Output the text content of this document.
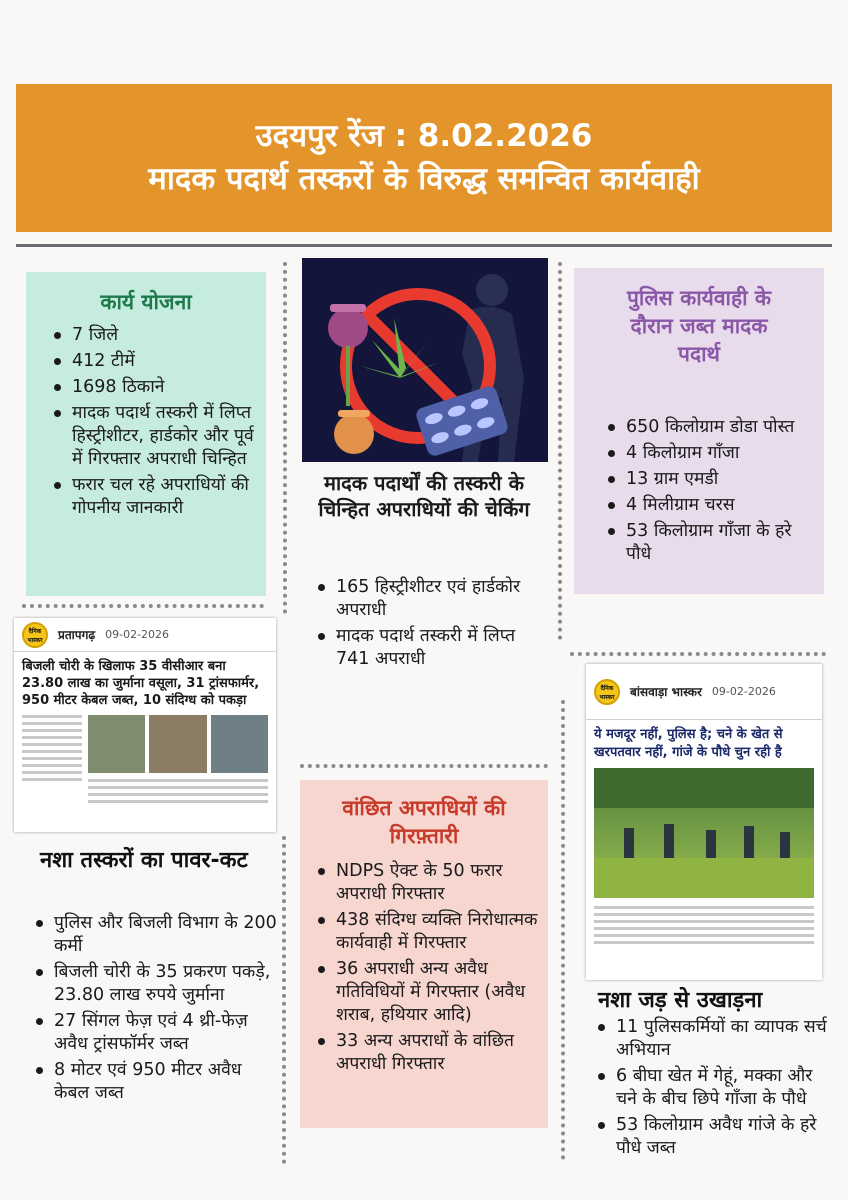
उदयपुर रेंज : 8.02.2026
मादक पदार्थ तस्करों के विरुद्ध समन्वित कार्यवाही
कार्य योजना
7 जिले
412 टीमें
1698 ठिकाने
मादक पदार्थ तस्करी में लिप्त हिस्ट्रीशीटर, हार्डकोर और पूर्व में गिरफ्तार अपराधी चिन्हित
फरार चल रहे अपराधियों की गोपनीय जानकारी
मादक पदार्थों की तस्करी के चिन्हित अपराधियों की चेकिंग
165 हिस्ट्रीशीटर एवं हार्डकोर अपराधी
मादक पदार्थ तस्करी में लिप्त 741 अपराधी
पुलिस कार्यवाही के दौरान जब्त मादक पदार्थ
650 किलोग्राम डोडा पोस्त
4 किलोग्राम गाँजा
13 ग्राम एमडी
4 मिलीग्राम चरस
53 किलोग्राम गाँजा के हरे पौधे
दैनिक भास्कर	प्रतापगढ़ 09-02-2026
बिजली चोरी के खिलाफ 35 वीसीआर बना 23.80 लाख का जुर्माना वसूला, 31 ट्रांसफार्मर, 950 मीटर केबल जब्त, 10 संदिग्ध को पकड़ा
नशा तस्करों का पावर-कट
पुलिस और बिजली विभाग के 200 कर्मी
बिजली चोरी के 35 प्रकरण पकड़े, 23.80 लाख रुपये जुर्माना
27 सिंगल फेज़ एवं 4 थ्री-फेज़ अवैध ट्रांसफॉर्मर जब्त
8 मोटर एवं 950 मीटर अवैध केबल जब्त
वांछित अपराधियों की गिरफ़्तारी
NDPS ऐक्ट के 50 फरार अपराधी गिरफ्तार
438 संदिग्ध व्यक्ति निरोधात्मक कार्यवाही में गिरफ्तार
36 अपराधी अन्य अवैध गतिविधियों में गिरफ्तार (अवैध शराब, हथियार आदि)
33 अन्य अपराधों के वांछित अपराधी गिरफ्तार
दैनिक भास्कर	बांसवाड़ा भास्कर 09-02-2026
ये मजदूर नहीं, पुलिस है; चने के खेत से खरपतवार नहीं, गांजे के पौधे चुन रही है
नशा जड़ से उखाड़ना
11 पुलिसकर्मियों का व्यापक सर्च अभियान
6 बीघा खेत में गेहूं, मक्का और चने के बीच छिपे गाँजा के पौधे
53 किलोग्राम अवैध गांजे के हरे पौधे जब्त
